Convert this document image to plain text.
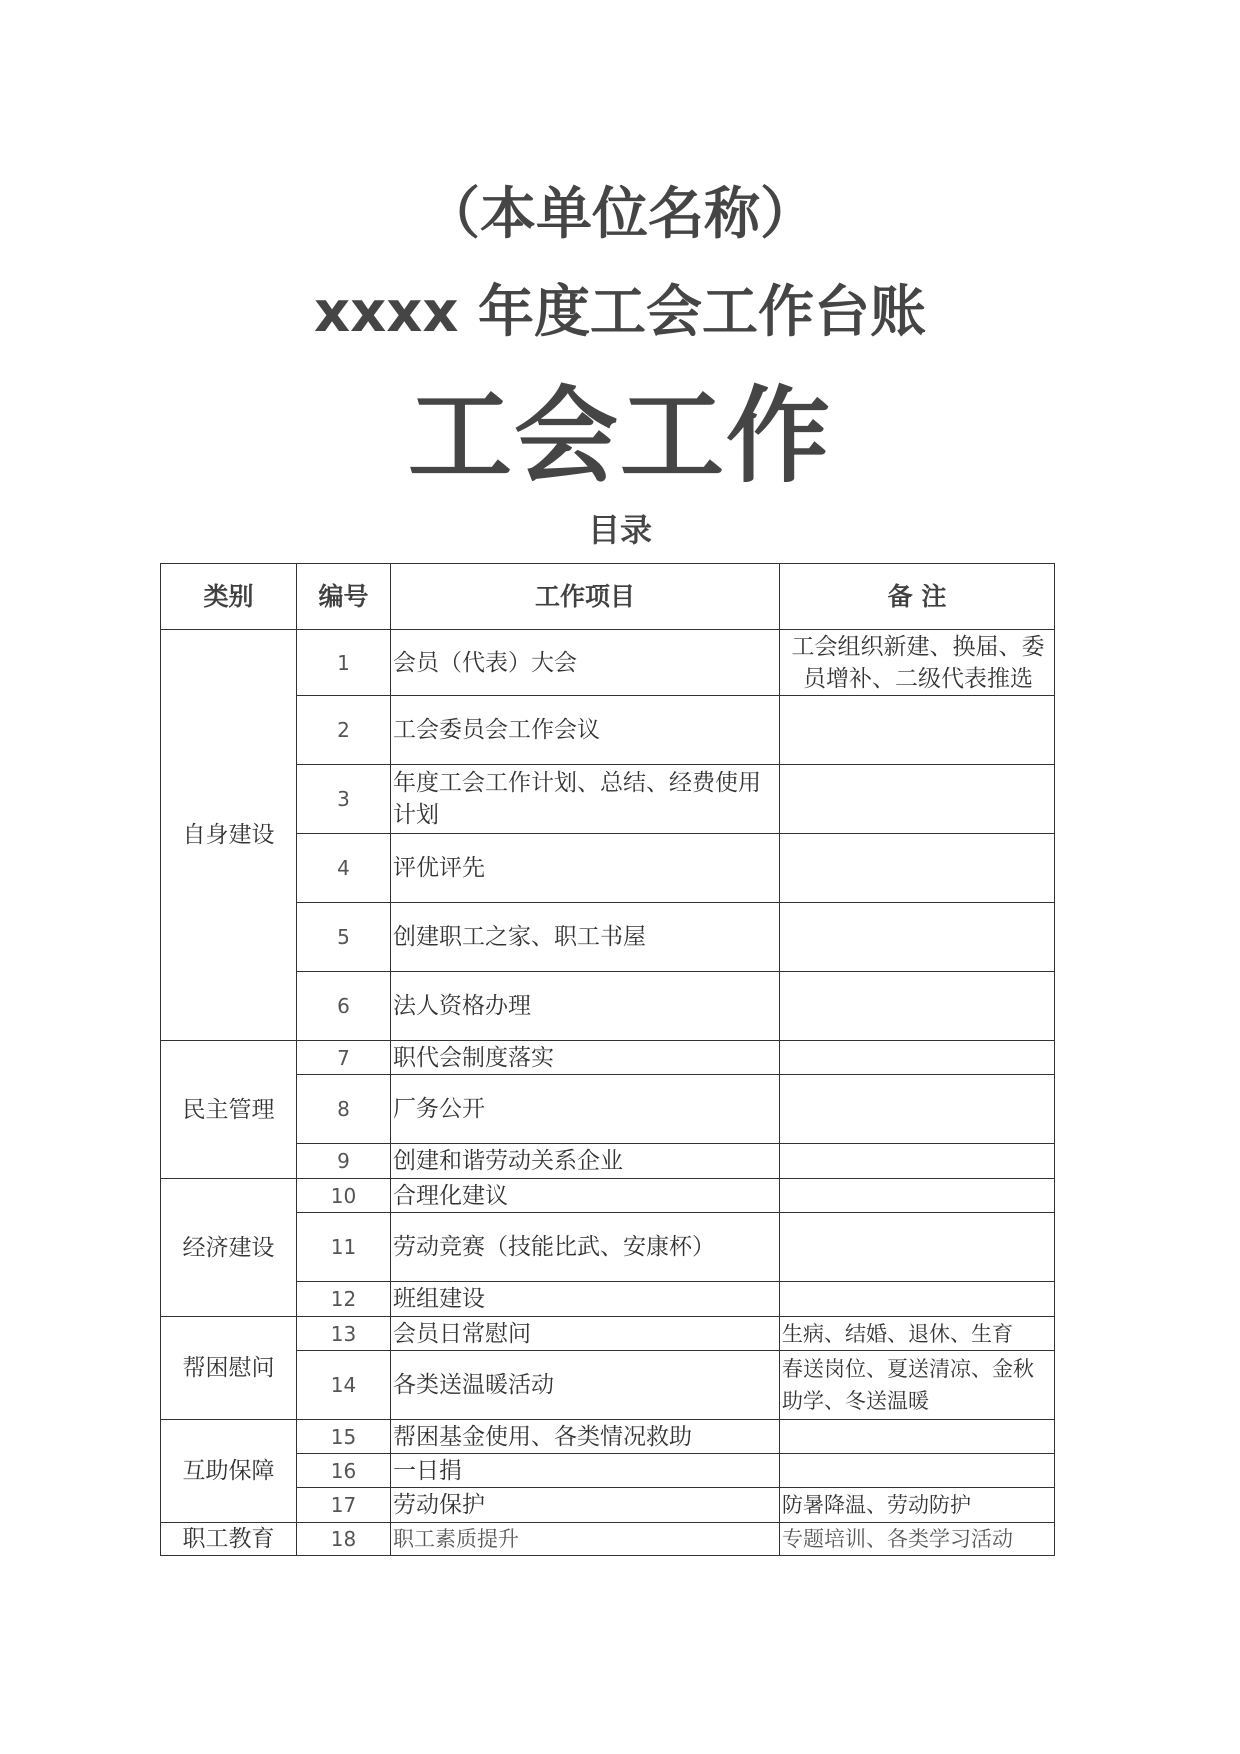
（本单位名称）
xxxx 年度工会工作台账
工会工作
目录
类别	编号	工作项目	备 注
自身建设	1	会员（代表）大会	工会组织新建、换届、委员增补、二级代表推选
	2	工会委员会工作会议	
	3	年度工会工作计划、总结、经费使用计划	
	4	评优评先	
	5	创建职工之家、职工书屋	
	6	法人资格办理	
民主管理	7	职代会制度落实	
	8	厂务公开	
	9	创建和谐劳动关系企业	
经济建设	10	合理化建议	
	11	劳动竞赛（技能比武、安康杯）	
	12	班组建设	
帮困慰问	13	会员日常慰问	生病、结婚、退休、生育
	14	各类送温暖活动	春送岗位、夏送清凉、金秋助学、冬送温暖
互助保障	15	帮困基金使用、各类情况救助	
	16	一日捐	
	17	劳动保护	防暑降温、劳动防护
职工教育	18	职工素质提升	专题培训、各类学习活动
